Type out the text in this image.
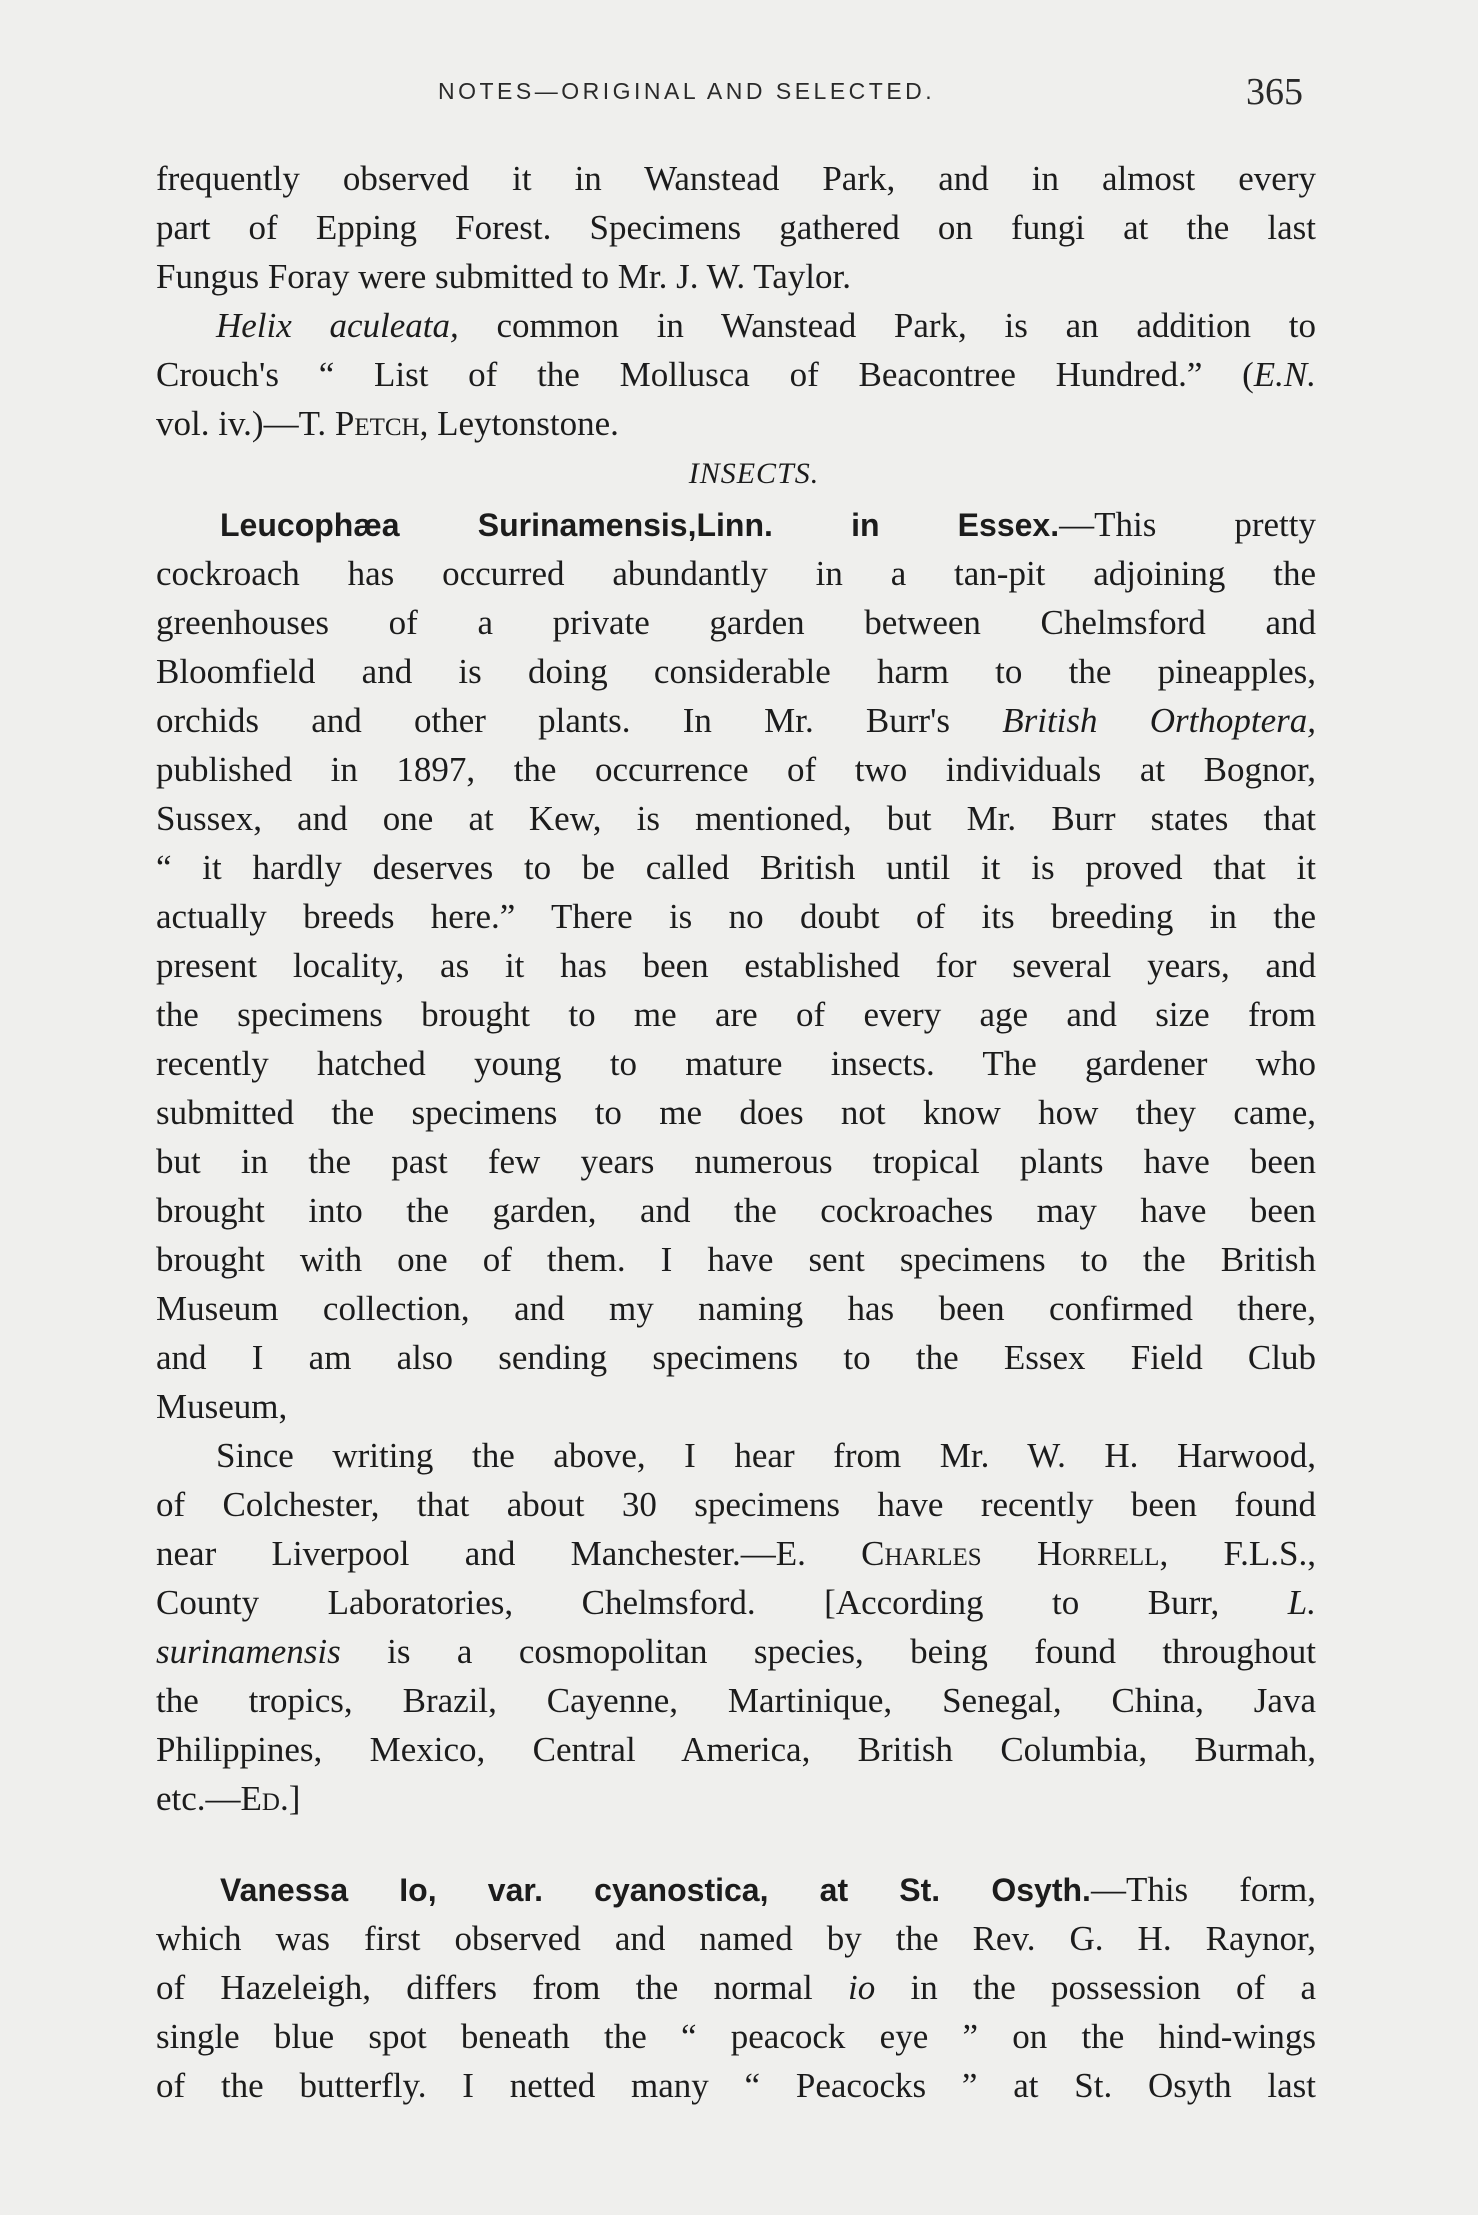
NOTES—ORIGINAL AND SELECTED.	365
frequently observed it in Wanstead Park, and in almost every
part of Epping Forest. Specimens gathered on fungi at the last
Fungus Foray were submitted to Mr. J. W. Taylor.
Helix aculeata, common in Wanstead Park, is an addition to
Crouch's “ List of the Mollusca of Beacontree Hundred.” (E.N.
vol. iv.)—T. Petch, Leytonstone.
INSECTS.
Leucophæa Surinamensis,Linn. in Essex.—This pretty
cockroach has occurred abundantly in a tan-pit adjoining the
greenhouses of a private garden between Chelmsford and
Bloomfield and is doing considerable harm to the pineapples,
orchids and other plants. In Mr. Burr's British Orthoptera,
published in 1897, the occurrence of two individuals at Bognor,
Sussex, and one at Kew, is mentioned, but Mr. Burr states that
“ it hardly deserves to be called British until it is proved that it
actually breeds here.” There is no doubt of its breeding in the
present locality, as it has been established for several years, and
the specimens brought to me are of every age and size from
recently hatched young to mature insects. The gardener who
submitted the specimens to me does not know how they came,
but in the past few years numerous tropical plants have been
brought into the garden, and the cockroaches may have been
brought with one of them. I have sent specimens to the British
Museum collection, and my naming has been confirmed there,
and I am also sending specimens to the Essex Field Club
Museum,
Since writing the above, I hear from Mr. W. H. Harwood,
of Colchester, that about 30 specimens have recently been found
near Liverpool and Manchester.—E. Charles Horrell, F.L.S.,
County Laboratories, Chelmsford. [According to Burr, L.
surinamensis is a cosmopolitan species, being found throughout
the tropics, Brazil, Cayenne, Martinique, Senegal, China, Java
Philippines, Mexico, Central America, British Columbia, Burmah,
etc.—Ed.]
Vanessa Io, var. cyanostica, at St. Osyth.—This form,
which was first observed and named by the Rev. G. H. Raynor,
of Hazeleigh, differs from the normal io in the possession of a
single blue spot beneath the “ peacock eye ” on the hind-wings
of the butterfly. I netted many “ Peacocks ” at St. Osyth last
